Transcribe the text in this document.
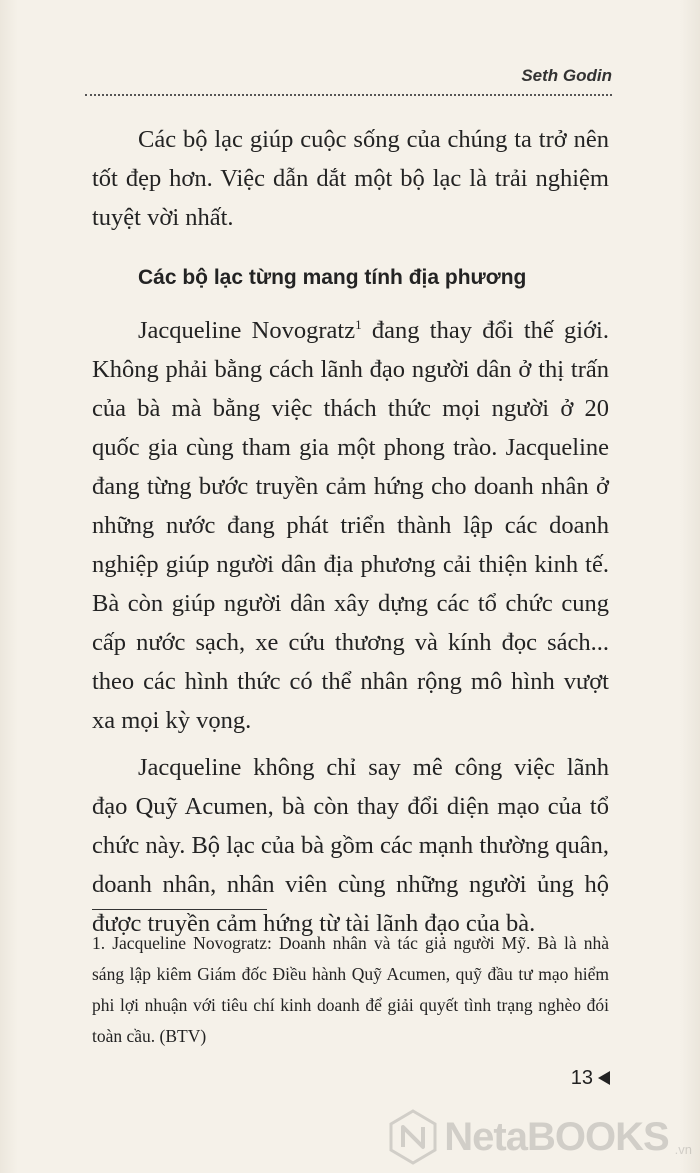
Seth Godin

Các bộ lạc giúp cuộc sống của chúng ta trở nên tốt đẹp hơn. Việc dẫn dắt một bộ lạc là trải nghiệm tuyệt vời nhất.

Các bộ lạc từng mang tính địa phương

Jacqueline Novogratz$^1$ đang thay đổi thế giới. Không phải bằng cách lãnh đạo người dân ở thị trấn của bà mà bằng việc thách thức mọi người ở 20 quốc gia cùng tham gia một phong trào. Jacqueline đang từng bước truyền cảm hứng cho doanh nhân ở những nước đang phát triển thành lập các doanh nghiệp giúp người dân địa phương cải thiện kinh tế. Bà còn giúp người dân xây dựng các tổ chức cung cấp nước sạch, xe cứu thương và kính đọc sách... theo các hình thức có thể nhân rộng mô hình vượt xa mọi kỳ vọng.

Jacqueline không chỉ say mê công việc lãnh đạo Quỹ Acumen, bà còn thay đổi diện mạo của tổ chức này. Bộ lạc của bà gồm các mạnh thường quân, doanh nhân, nhân viên cùng những người ủng hộ được truyền cảm hứng từ tài lãnh đạo của bà.

1. Jacqueline Novogratz: Doanh nhân và tác giả người Mỹ. Bà là nhà sáng lập kiêm Giám đốc Điều hành Quỹ Acumen, quỹ đầu tư mạo hiểm phi lợi nhuận với tiêu chí kinh doanh để giải quyết tình trạng nghèo đói toàn cầu. (BTV)

13
NetaBOOKS .vn
